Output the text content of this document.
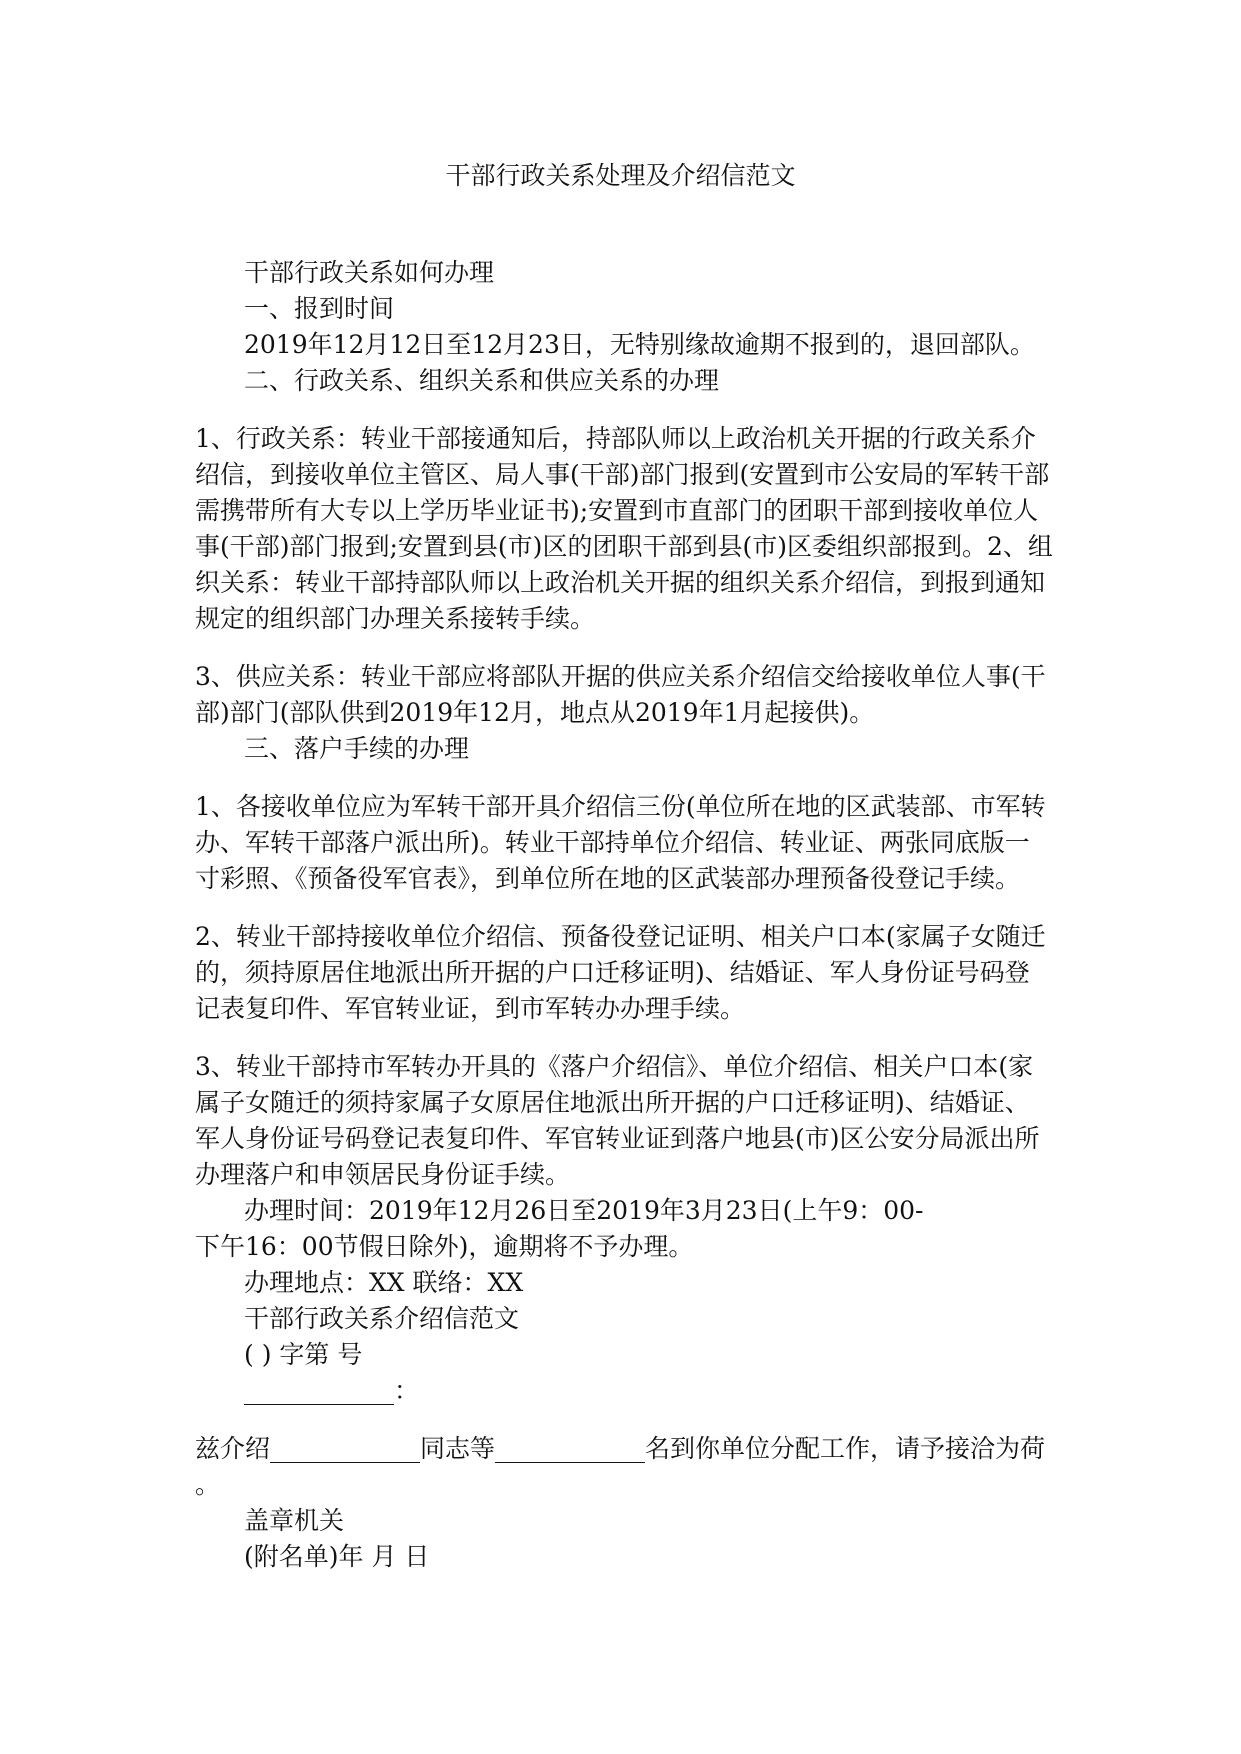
干部行政关系处理及介绍信范文
干部行政关系如何办理
一、报到时间
2019年12月12日至12月23日，无特别缘故逾期不报到的，退回部队。
二、行政关系、组织关系和供应关系的办理
1、行政关系：转业干部接通知后，持部队师以上政治机关开据的行政关系介
绍信，到接收单位主管区、局人事(干部)部门报到(安置到市公安局的军转干部
需携带所有大专以上学历毕业证书);安置到市直部门的团职干部到接收单位人
事(干部)部门报到;安置到县(市)区的团职干部到县(市)区委组织部报到。2、组
织关系：转业干部持部队师以上政治机关开据的组织关系介绍信，到报到通知
规定的组织部门办理关系接转手续。
3、供应关系：转业干部应将部队开据的供应关系介绍信交给接收单位人事(干
部)部门(部队供到2019年12月，地点从2019年1月起接供)。
三、落户手续的办理
1、各接收单位应为军转干部开具介绍信三份(单位所在地的区武装部、市军转
办、军转干部落户派出所)。转业干部持单位介绍信、转业证、两张同底版一
寸彩照、《预备役军官表》，到单位所在地的区武装部办理预备役登记手续。
2、转业干部持接收单位介绍信、预备役登记证明、相关户口本(家属子女随迁
的，须持原居住地派出所开据的户口迁移证明)、结婚证、军人身份证号码登
记表复印件、军官转业证，到市军转办办理手续。
3、转业干部持市军转办开具的《落户介绍信》、单位介绍信、相关户口本(家
属子女随迁的须持家属子女原居住地派出所开据的户口迁移证明)、结婚证、
军人身份证号码登记表复印件、军官转业证到落户地县(市)区公安分局派出所
办理落户和申领居民身份证手续。
办理时间：2019年12月26日至2019年3月23日(上午9：00-
下午16：00节假日除外)，逾期将不予办理。
办理地点：XX 联络：XX
干部行政关系介绍信范文
( ) 字第 号
____________：
兹介绍____________同志等____________名到你单位分配工作，请予接洽为荷
。
盖章机关
(附名单)年 月 日
